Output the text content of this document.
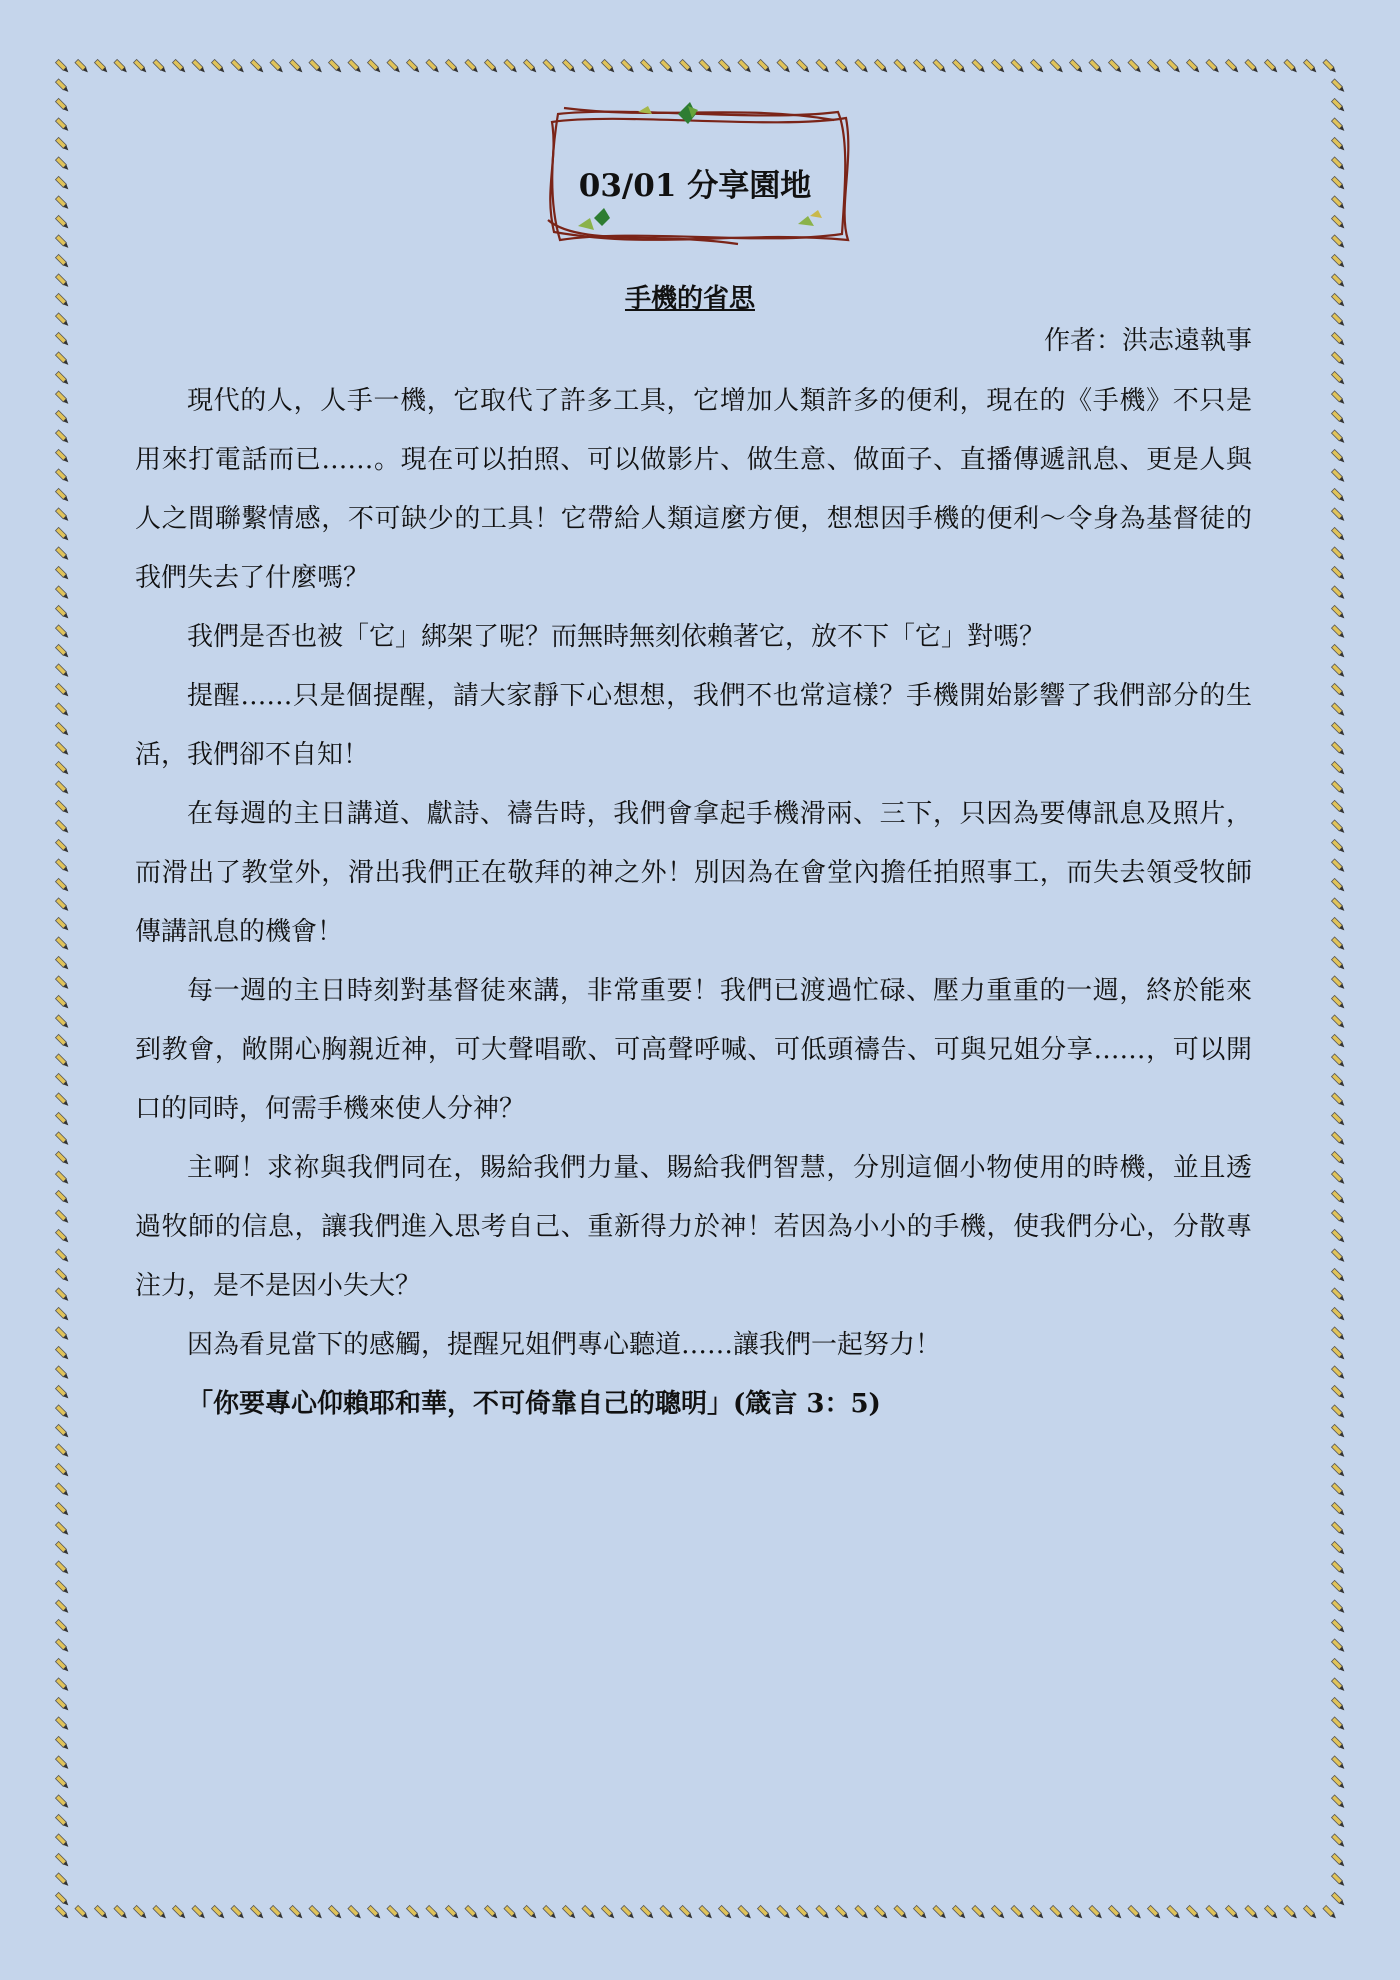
03/01 分享園地
手機的省思
作者：洪志遠執事

現代的人，人手一機，它取代了許多工具，它增加人類許多的便利，現在的《手機》不只是用來打電話而已……。現在可以拍照、可以做影片、做生意、做面子、直播傳遞訊息、更是人與人之間聯繫情感，不可缺少的工具！它帶給人類這麼方便，想想因手機的便利～令身為基督徒的我們失去了什麼嗎？

我們是否也被「它」綁架了呢？而無時無刻依賴著它，放不下「它」對嗎？

提醒……只是個提醒，請大家靜下心想想，我們不也常這樣？手機開始影響了我們部分的生活，我們卻不自知！

在每週的主日講道、獻詩、禱告時，我們會拿起手機滑兩、三下，只因為要傳訊息及照片，而滑出了教堂外，滑出我們正在敬拜的神之外！別因為在會堂內擔任拍照事工，而失去領受牧師傳講訊息的機會！

每一週的主日時刻對基督徒來講，非常重要！我們已渡過忙碌、壓力重重的一週，終於能來到教會，敞開心胸親近神，可大聲唱歌、可高聲呼喊、可低頭禱告、可與兄姐分享……，可以開口的同時，何需手機來使人分神？

主啊！求祢與我們同在，賜給我們力量、賜給我們智慧，分別這個小物使用的時機，並且透過牧師的信息，讓我們進入思考自己、重新得力於神！若因為小小的手機，使我們分心，分散專注力，是不是因小失大？

因為看見當下的感觸，提醒兄姐們專心聽道……讓我們一起努力！

「你要專心仰賴耶和華，不可倚靠自己的聰明」(箴言 3：5)
